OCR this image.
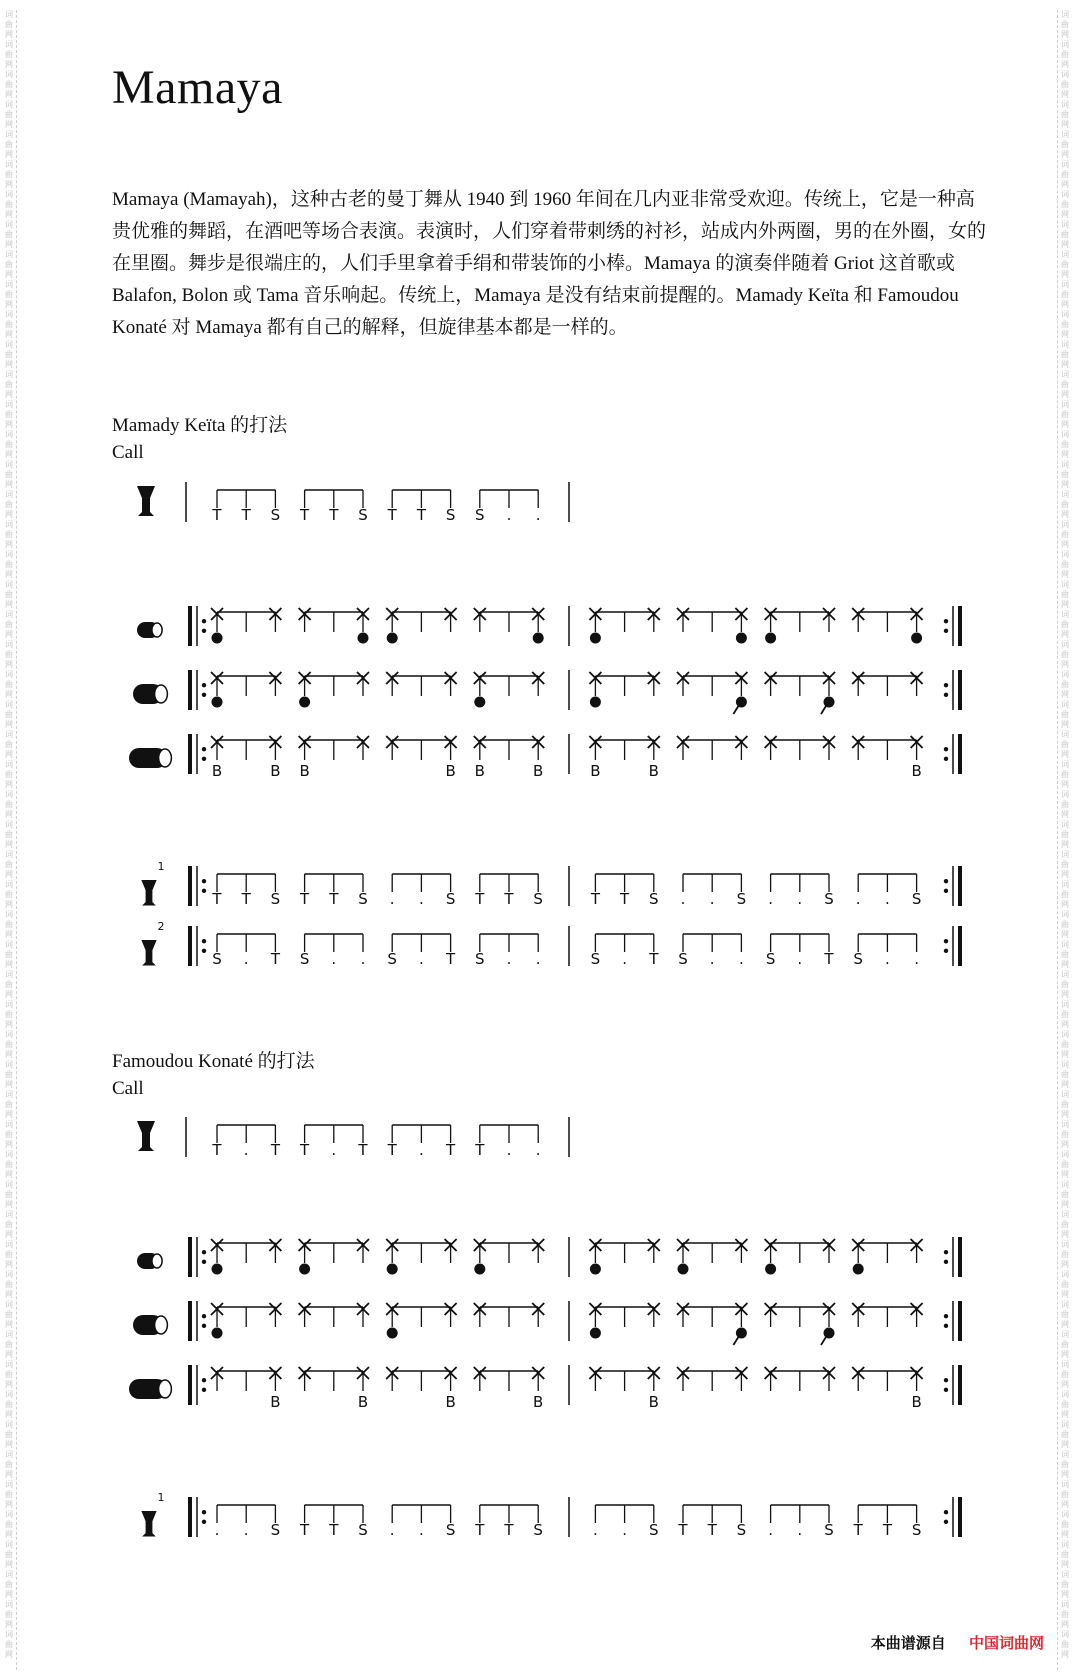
词曲网词曲网词曲网词曲网词曲网词曲网词曲网词曲网词曲网词曲网词曲网词曲网词曲网词曲网词曲网词曲网词曲网词曲网词曲网词曲网词曲网词曲网词曲网词曲网词曲网词曲网词曲网词曲网词曲网词曲网词曲网词曲网词曲网词曲网词曲网词曲网词曲网词曲网词曲网词曲网词曲网词曲网词曲网词曲网词曲网词曲网词曲网词曲网词曲网词曲网词曲网词曲网词曲网词曲网词曲网
词曲网词曲网词曲网词曲网词曲网词曲网词曲网词曲网词曲网词曲网词曲网词曲网词曲网词曲网词曲网词曲网词曲网词曲网词曲网词曲网词曲网词曲网词曲网词曲网词曲网词曲网词曲网词曲网词曲网词曲网词曲网词曲网词曲网词曲网词曲网词曲网词曲网词曲网词曲网词曲网词曲网词曲网词曲网词曲网词曲网词曲网词曲网词曲网词曲网词曲网词曲网词曲网词曲网词曲网词曲网
Mamaya

Mamaya (Mamayah)，这种古老的曼丁舞从 1940 到 1960 年间在几内亚非常受欢迎。传统上，它是一种高贵优雅的舞蹈，在酒吧等场合表演。表演时，人们穿着带刺绣的衬衫，站成内外两圈，男的在外圈，女的在里圈。舞步是很端庄的，人们手里拿着手绢和带装饰的小棒。Mamaya 的演奏伴随着 Griot 这首歌或 Balafon, Bolon 或 Tama 音乐响起。传统上，Mamaya 是没有结束前提醒的。Mamady Keïta 和 Famoudou Konaté 对 Mamaya 都有自己的解释，但旋律基本都是一样的。

Mamady Keïta 的打法

Call

T T S T T S T T S S . .
B	B B	B B	B	B	B	B
1
T T S T T S . . S T T S	T T S . . S . . S . . S
2
S . T S . . S . T S . .	S . T S . . S . T S . .

Famoudou Konaté 的打法

Call

T . T T . T T . T T . .
B	B	B	B	B	B
1
. . S T T S . . S T T S	. . S T T S . . S T T S
本曲谱源自 中国词曲网
